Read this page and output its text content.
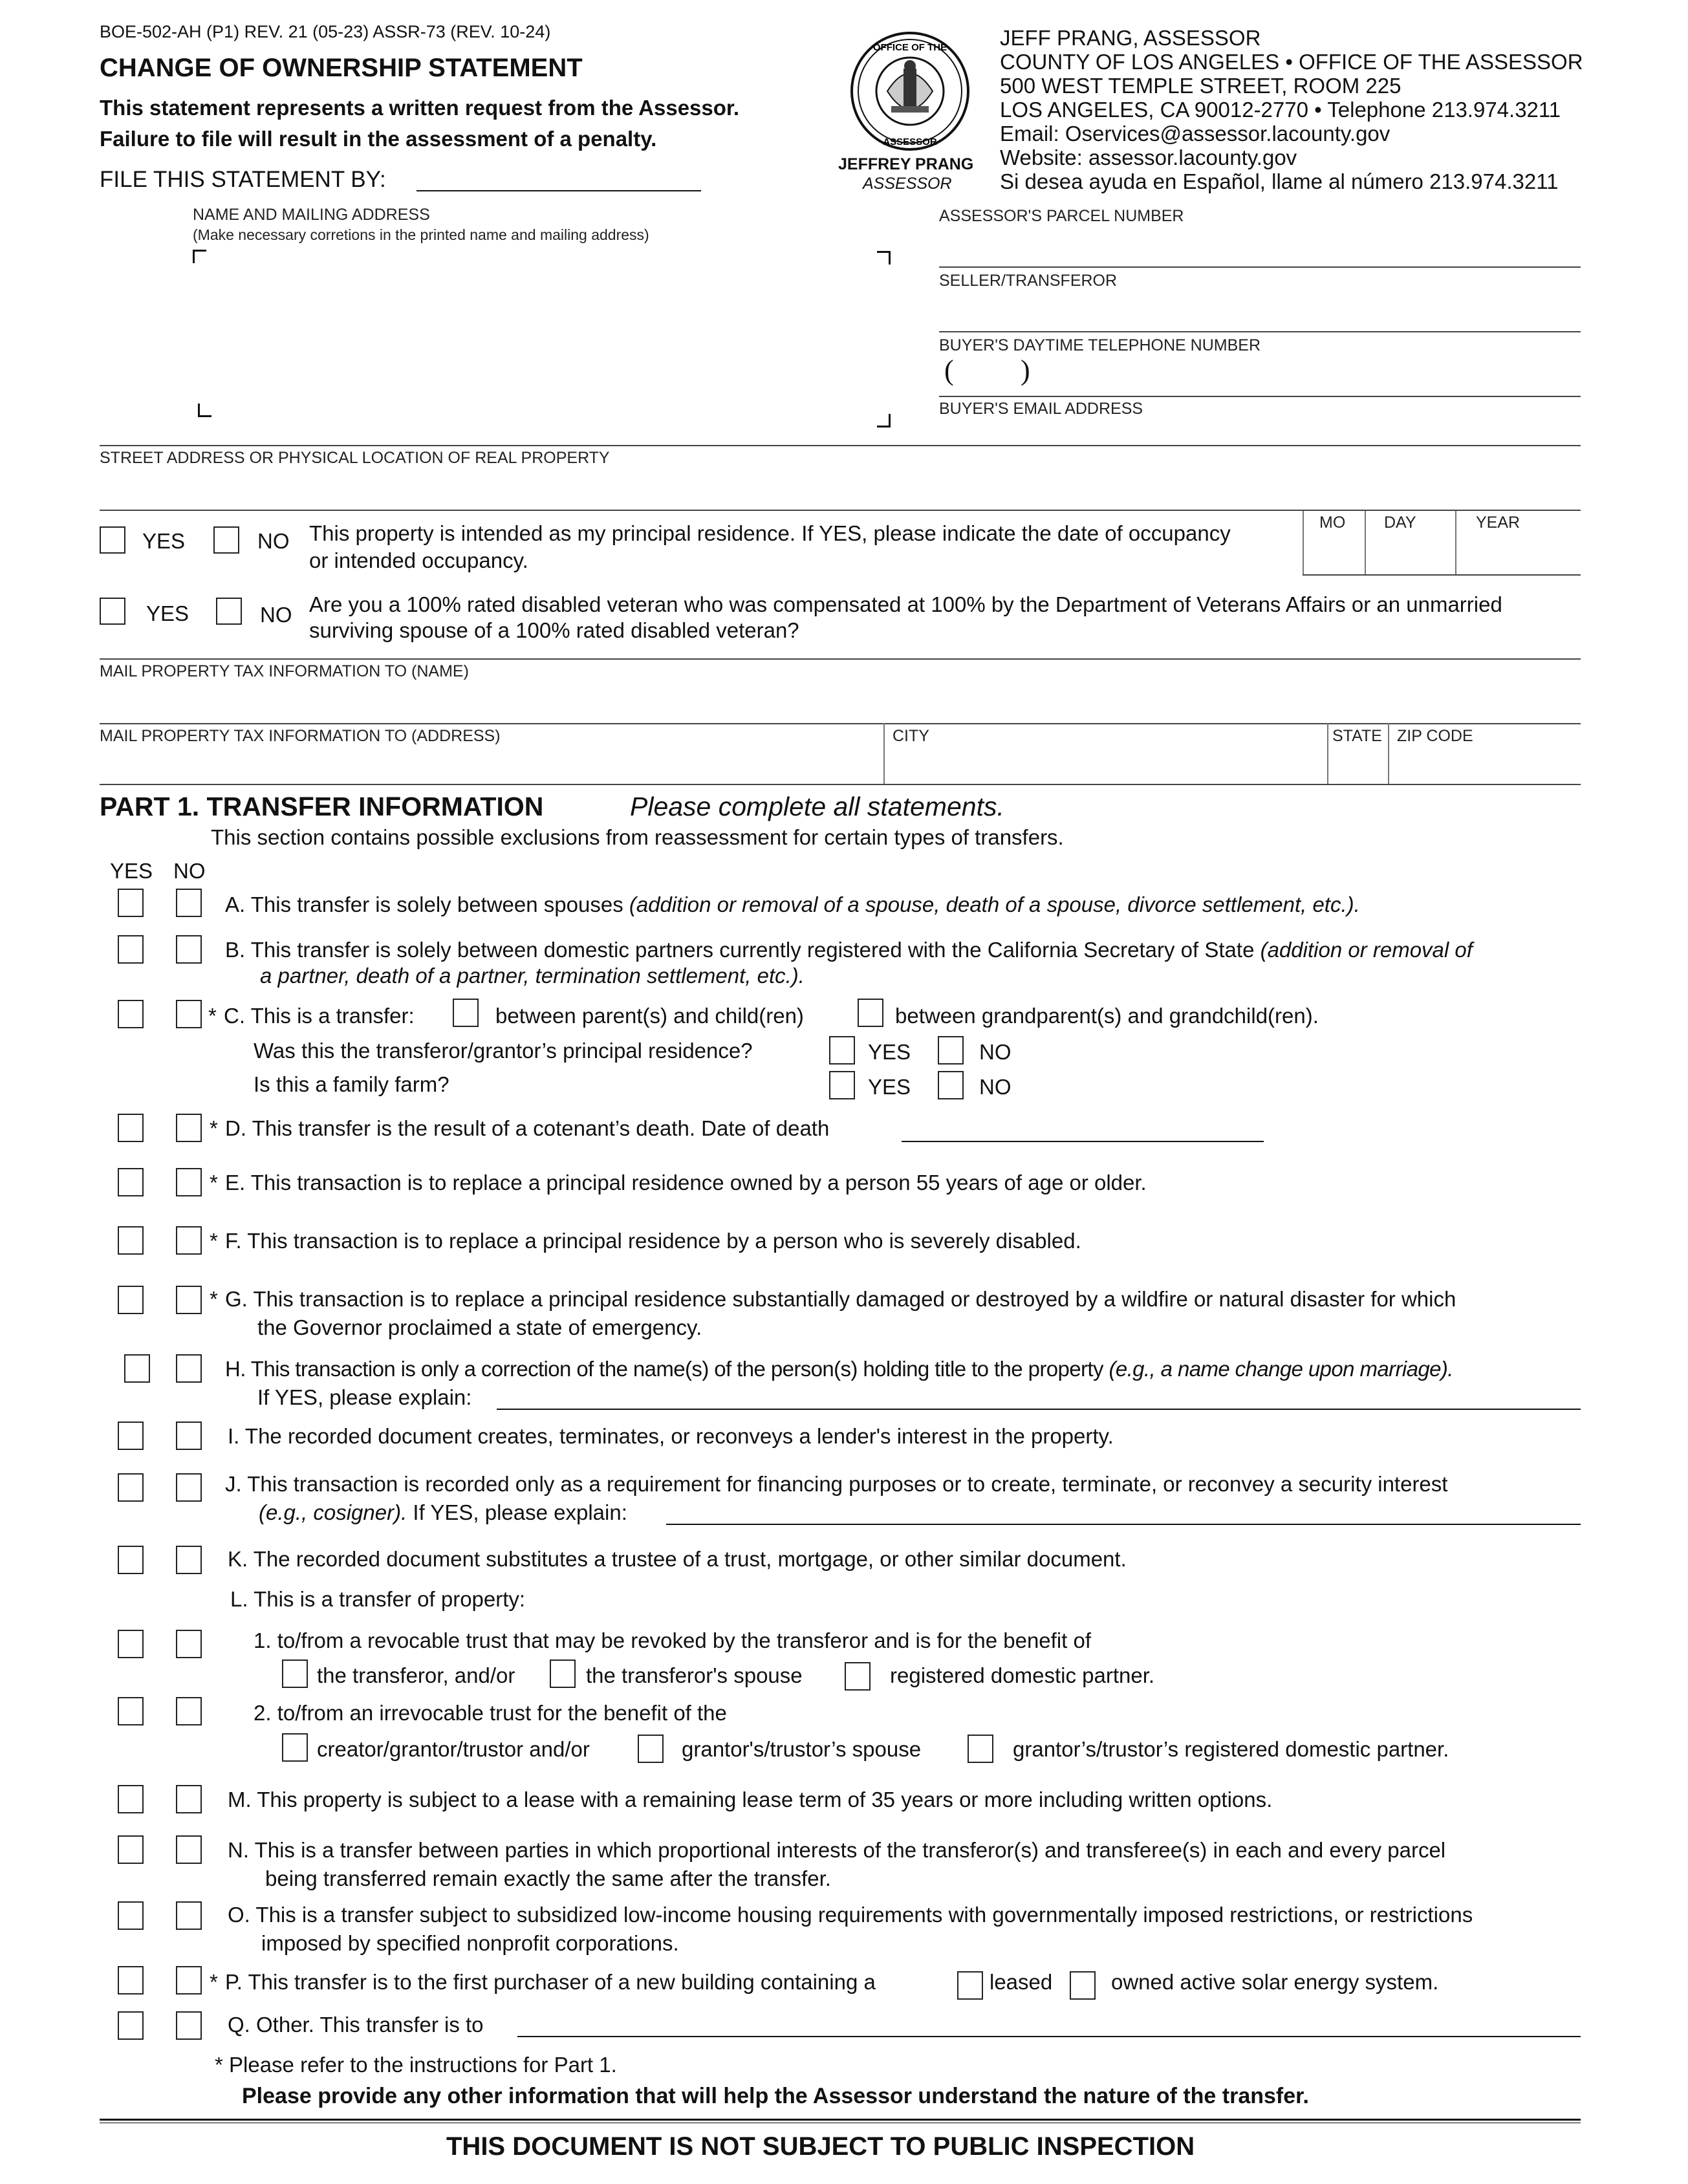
BOE-502-AH (P1) REV. 21 (05-23) ASSR-73 (REV. 10-24)
CHANGE OF OWNERSHIP STATEMENT
This statement represents a written request from the Assessor.
Failure to file will result in the assessment of a penalty.
FILE THIS STATEMENT BY:
OFFICE OF THE
ASSESSOR
JEFFREY PRANG
ASSESSOR
JEFF PRANG, ASSESSOR
COUNTY OF LOS ANGELES • OFFICE OF THE ASSESSOR
500 WEST TEMPLE STREET, ROOM 225
LOS ANGELES, CA 90012-2770 • Telephone 213.974.3211
Email: Oservices@assessor.lacounty.gov
Website: assessor.lacounty.gov
Si desea ayuda en Español, llame al número 213.974.3211
NAME AND MAILING ADDRESS
(Make necessary corretions in the printed name and mailing address)
ASSESSOR'S PARCEL NUMBER
SELLER/TRANSFEROR
BUYER'S DAYTIME TELEPHONE NUMBER
( )
BUYER'S EMAIL ADDRESS
STREET ADDRESS OR PHYSICAL LOCATION OF REAL PROPERTY
YES	NO This property is intended as my principal residence. If YES, please indicate the date of occupancy
or intended occupancy.
MO DAY	YEAR
YES	NO Are you a 100% rated disabled veteran who was compensated at 100% by the Department of Veterans Affairs or an unmarried
surviving spouse of a 100% rated disabled veteran?
MAIL PROPERTY TAX INFORMATION TO (NAME)
MAIL PROPERTY TAX INFORMATION TO (ADDRESS)	CITY	STATE ZIP CODE
PART 1. TRANSFER INFORMATION	Please complete all statements.
This section contains possible exclusions from reassessment for certain types of transfers.
YES NO
A. This transfer is solely between spouses (addition or removal of a spouse, death of a spouse, divorce settlement, etc.).
B. This transfer is solely between domestic partners currently registered with the California Secretary of State (addition or removal of
a partner, death of a partner, termination settlement, etc.).
* C. This is a transfer:	between parent(s) and child(ren)	between grandparent(s) and grandchild(ren).
Was this the transferor/grantor’s principal residence?	YES	NO
Is this a family farm?	YES	NO
* D. This transfer is the result of a cotenant’s death. Date of death
* E. This transaction is to replace a principal residence owned by a person 55 years of age or older.
* F. This transaction is to replace a principal residence by a person who is severely disabled.
* G. This transaction is to replace a principal residence substantially damaged or destroyed by a wildfire or natural disaster for which
the Governor proclaimed a state of emergency.
H. This transaction is only a correction of the name(s) of the person(s) holding title to the property (e.g., a name change upon marriage).
If YES, please explain:
I. The recorded document creates, terminates, or reconveys a lender's interest in the property.
J. This transaction is recorded only as a requirement for financing purposes or to create, terminate, or reconvey a security interest
(e.g., cosigner). If YES, please explain:
K. The recorded document substitutes a trustee of a trust, mortgage, or other similar document.
L. This is a transfer of property:
1. to/from a revocable trust that may be revoked by the transferor and is for the benefit of
the transferor, and/or	the transferor's spouse	registered domestic partner.
2. to/from an irrevocable trust for the benefit of the
creator/grantor/trustor and/or	grantor's/trustor’s spouse	grantor’s/trustor’s registered domestic partner.
M. This property is subject to a lease with a remaining lease term of 35 years or more including written options.
N. This is a transfer between parties in which proportional interests of the transferor(s) and transferee(s) in each and every parcel
being transferred remain exactly the same after the transfer.
O. This is a transfer subject to subsidized low-income housing requirements with governmentally imposed restrictions, or restrictions
imposed by specified nonprofit corporations.
* P. This transfer is to the first purchaser of a new building containing a	leased	owned active solar energy system.
Q. Other. This transfer is to
* Please refer to the instructions for Part 1.
Please provide any other information that will help the Assessor understand the nature of the transfer.
THIS DOCUMENT IS NOT SUBJECT TO PUBLIC INSPECTION
